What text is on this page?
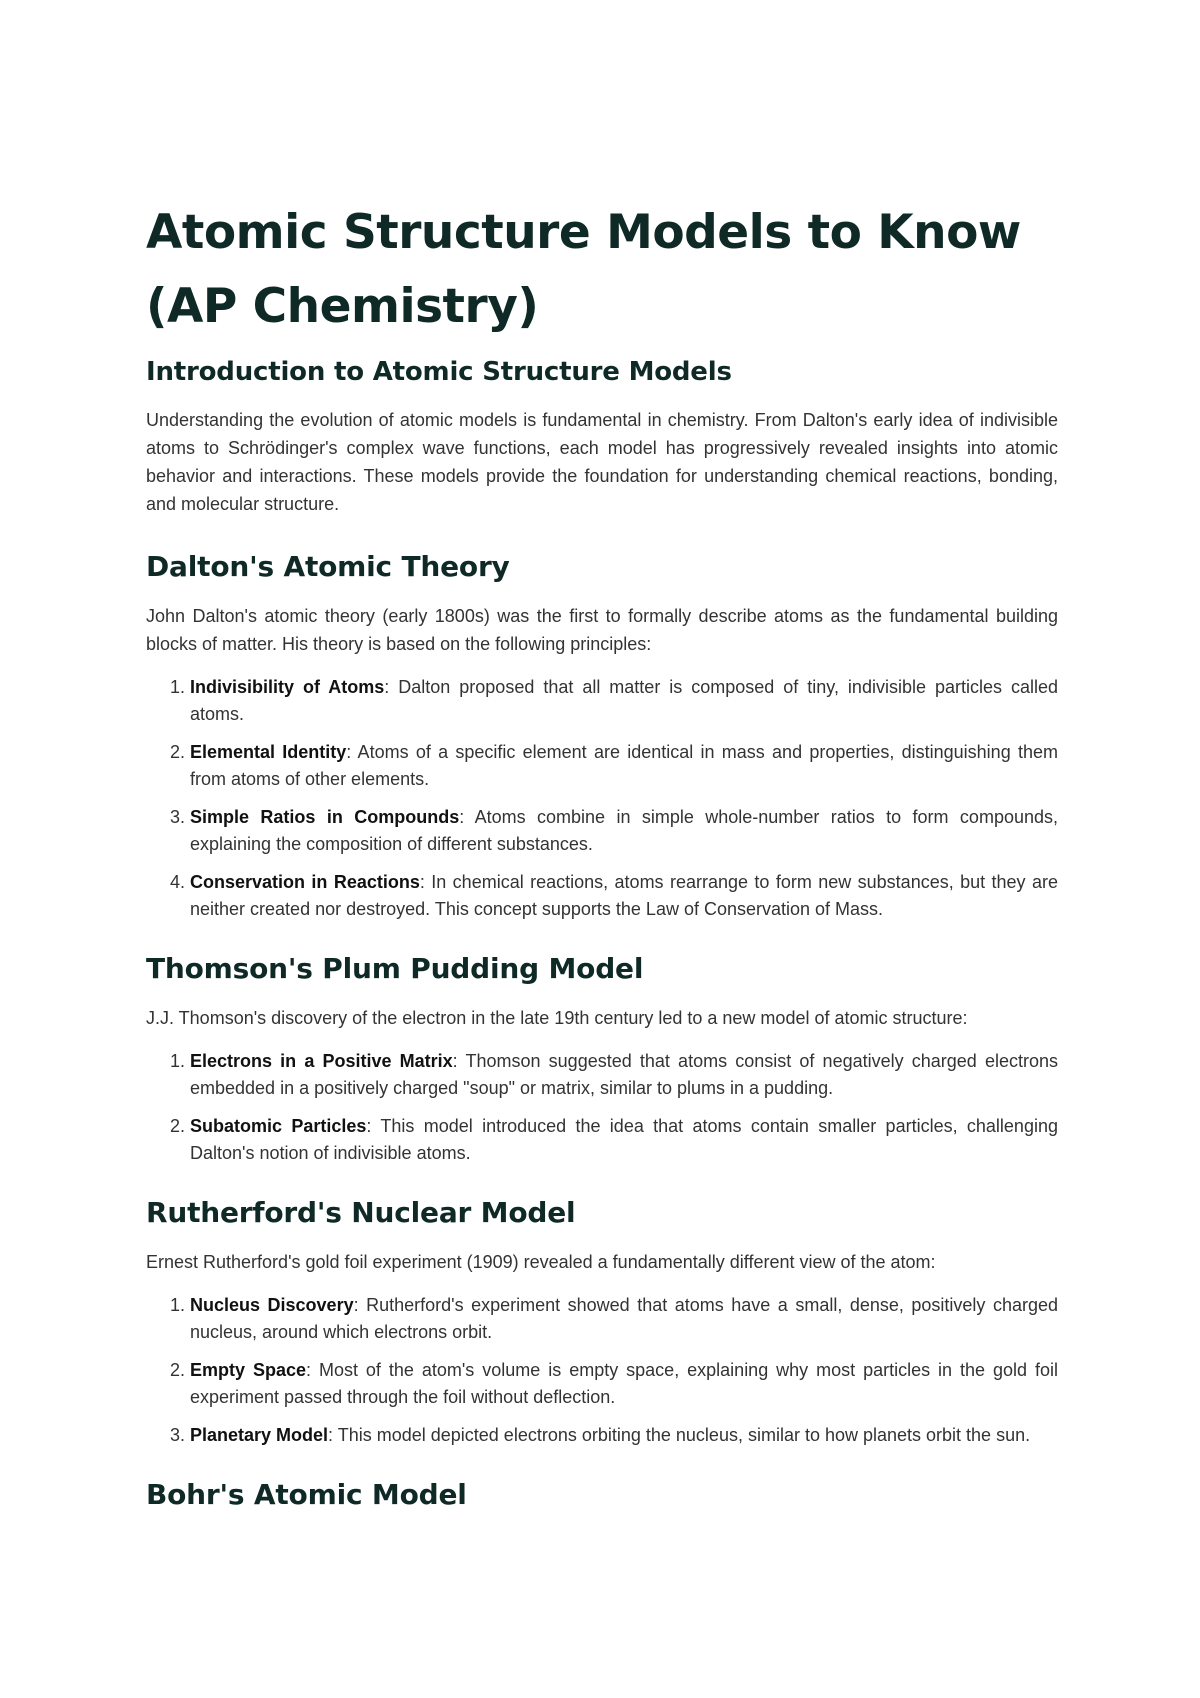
Atomic Structure Models to Know (AP Chemistry)
Introduction to Atomic Structure Models

Understanding the evolution of atomic models is fundamental in chemistry. From Dalton's early idea of indivisible atoms to Schrödinger's complex wave functions, each model has progressively revealed insights into atomic behavior and interactions. These models provide the foundation for understanding chemical reactions, bonding, and molecular structure.

Dalton's Atomic Theory

John Dalton's atomic theory (early 1800s) was the first to formally describe atoms as the fundamental building blocks of matter. His theory is based on the following principles:

1. Indivisibility of Atoms: Dalton proposed that all matter is composed of tiny, indivisible particles called atoms.
2. Elemental Identity: Atoms of a specific element are identical in mass and properties, distinguishing them from atoms of other elements.
3. Simple Ratios in Compounds: Atoms combine in simple whole-number ratios to form compounds, explaining the composition of different substances.
4. Conservation in Reactions: In chemical reactions, atoms rearrange to form new substances, but they are neither created nor destroyed. This concept supports the Law of Conservation of Mass.
Thomson's Plum Pudding Model

J.J. Thomson's discovery of the electron in the late 19th century led to a new model of atomic structure:

1. Electrons in a Positive Matrix: Thomson suggested that atoms consist of negatively charged electrons embedded in a positively charged "soup" or matrix, similar to plums in a pudding.
2. Subatomic Particles: This model introduced the idea that atoms contain smaller particles, challenging Dalton's notion of indivisible atoms.
Rutherford's Nuclear Model

Ernest Rutherford's gold foil experiment (1909) revealed a fundamentally different view of the atom:

1. Nucleus Discovery: Rutherford's experiment showed that atoms have a small, dense, positively charged nucleus, around which electrons orbit.
2. Empty Space: Most of the atom's volume is empty space, explaining why most particles in the gold foil experiment passed through the foil without deflection.
3. Planetary Model: This model depicted electrons orbiting the nucleus, similar to how planets orbit the sun.
Bohr's Atomic Model
